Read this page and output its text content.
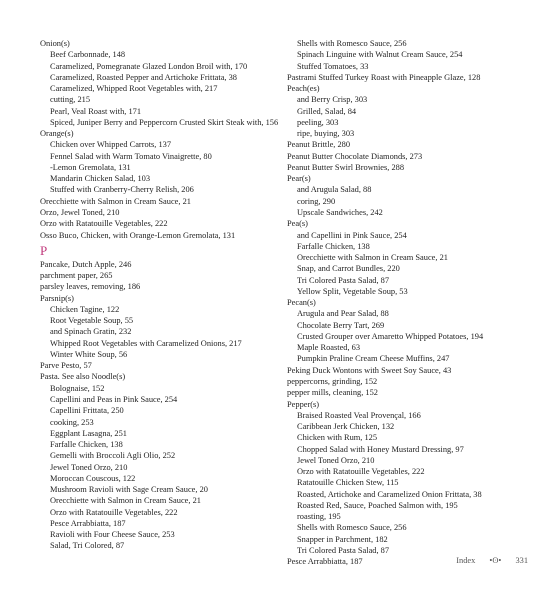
Onion(s)
Beef Carbonnade, 148
Caramelized, Pomegranate Glazed London Broil with, 170
Caramelized, Roasted Pepper and Artichoke Frittata, 38
Caramelized, Whipped Root Vegetables with, 217
cutting, 215
Pearl, Veal Roast with, 171
Spiced, Juniper Berry and Peppercorn Crusted Skirt Steak with, 156
Orange(s)
Chicken over Whipped Carrots, 137
Fennel Salad with Warm Tomato Vinaigrette, 80
-Lemon Gremolata, 131
Mandarin Chicken Salad, 103
Stuffed with Cranberry-Cherry Relish, 206
Orecchiette with Salmon in Cream Sauce, 21
Orzo, Jewel Toned, 210
Orzo with Ratatouille Vegetables, 222
Osso Buco, Chicken, with Orange-Lemon Gremolata, 131
P
Pancake, Dutch Apple, 246
parchment paper, 265
parsley leaves, removing, 186
Parsnip(s)
Chicken Tagine, 122
Root Vegetable Soup, 55
and Spinach Gratin, 232
Whipped Root Vegetables with Caramelized Onions, 217
Winter White Soup, 56
Parve Pesto, 57
Pasta. See also Noodle(s)
Bolognaise, 152
Capellini and Peas in Pink Sauce, 254
Capellini Frittata, 250
cooking, 253
Eggplant Lasagna, 251
Farfalle Chicken, 138
Gemelli with Broccoli Agli Olio, 252
Jewel Toned Orzo, 210
Moroccan Couscous, 122
Mushroom Ravioli with Sage Cream Sauce, 20
Orecchiette with Salmon in Cream Sauce, 21
Orzo with Ratatouille Vegetables, 222
Pesce Arrabbiatta, 187
Ravioli with Four Cheese Sauce, 253
Salad, Tri Colored, 87
Shells with Romesco Sauce, 256
Spinach Linguine with Walnut Cream Sauce, 254
Stuffed Tomatoes, 33
Pastrami Stuffed Turkey Roast with Pineapple Glaze, 128
Peach(es)
and Berry Crisp, 303
Grilled, Salad, 84
peeling, 303
ripe, buying, 303
Peanut Brittle, 280
Peanut Butter Chocolate Diamonds, 273
Peanut Butter Swirl Brownies, 288
Pear(s)
and Arugula Salad, 88
coring, 290
Upscale Sandwiches, 242
Pea(s)
and Capellini in Pink Sauce, 254
Farfalle Chicken, 138
Orecchiette with Salmon in Cream Sauce, 21
Snap, and Carrot Bundles, 220
Tri Colored Pasta Salad, 87
Yellow Split, Vegetable Soup, 53
Pecan(s)
Arugula and Pear Salad, 88
Chocolate Berry Tart, 269
Crusted Grouper over Amaretto Whipped Potatoes, 194
Maple Roasted, 63
Pumpkin Praline Cream Cheese Muffins, 247
Peking Duck Wontons with Sweet Soy Sauce, 43
peppercorns, grinding, 152
pepper mills, cleaning, 152
Pepper(s)
Braised Roasted Veal Provençal, 166
Caribbean Jerk Chicken, 132
Chicken with Rum, 125
Chopped Salad with Honey Mustard Dressing, 97
Jewel Toned Orzo, 210
Orzo with Ratatouille Vegetables, 222
Ratatouille Chicken Stew, 115
Roasted, Artichoke and Caramelized Onion Frittata, 38
Roasted Red, Sauce, Poached Salmon with, 195
roasting, 195
Shells with Romesco Sauce, 256
Snapper in Parchment, 182
Tri Colored Pasta Salad, 87
Pesce Arrabbiatta, 187	Index •ʘ• 331
